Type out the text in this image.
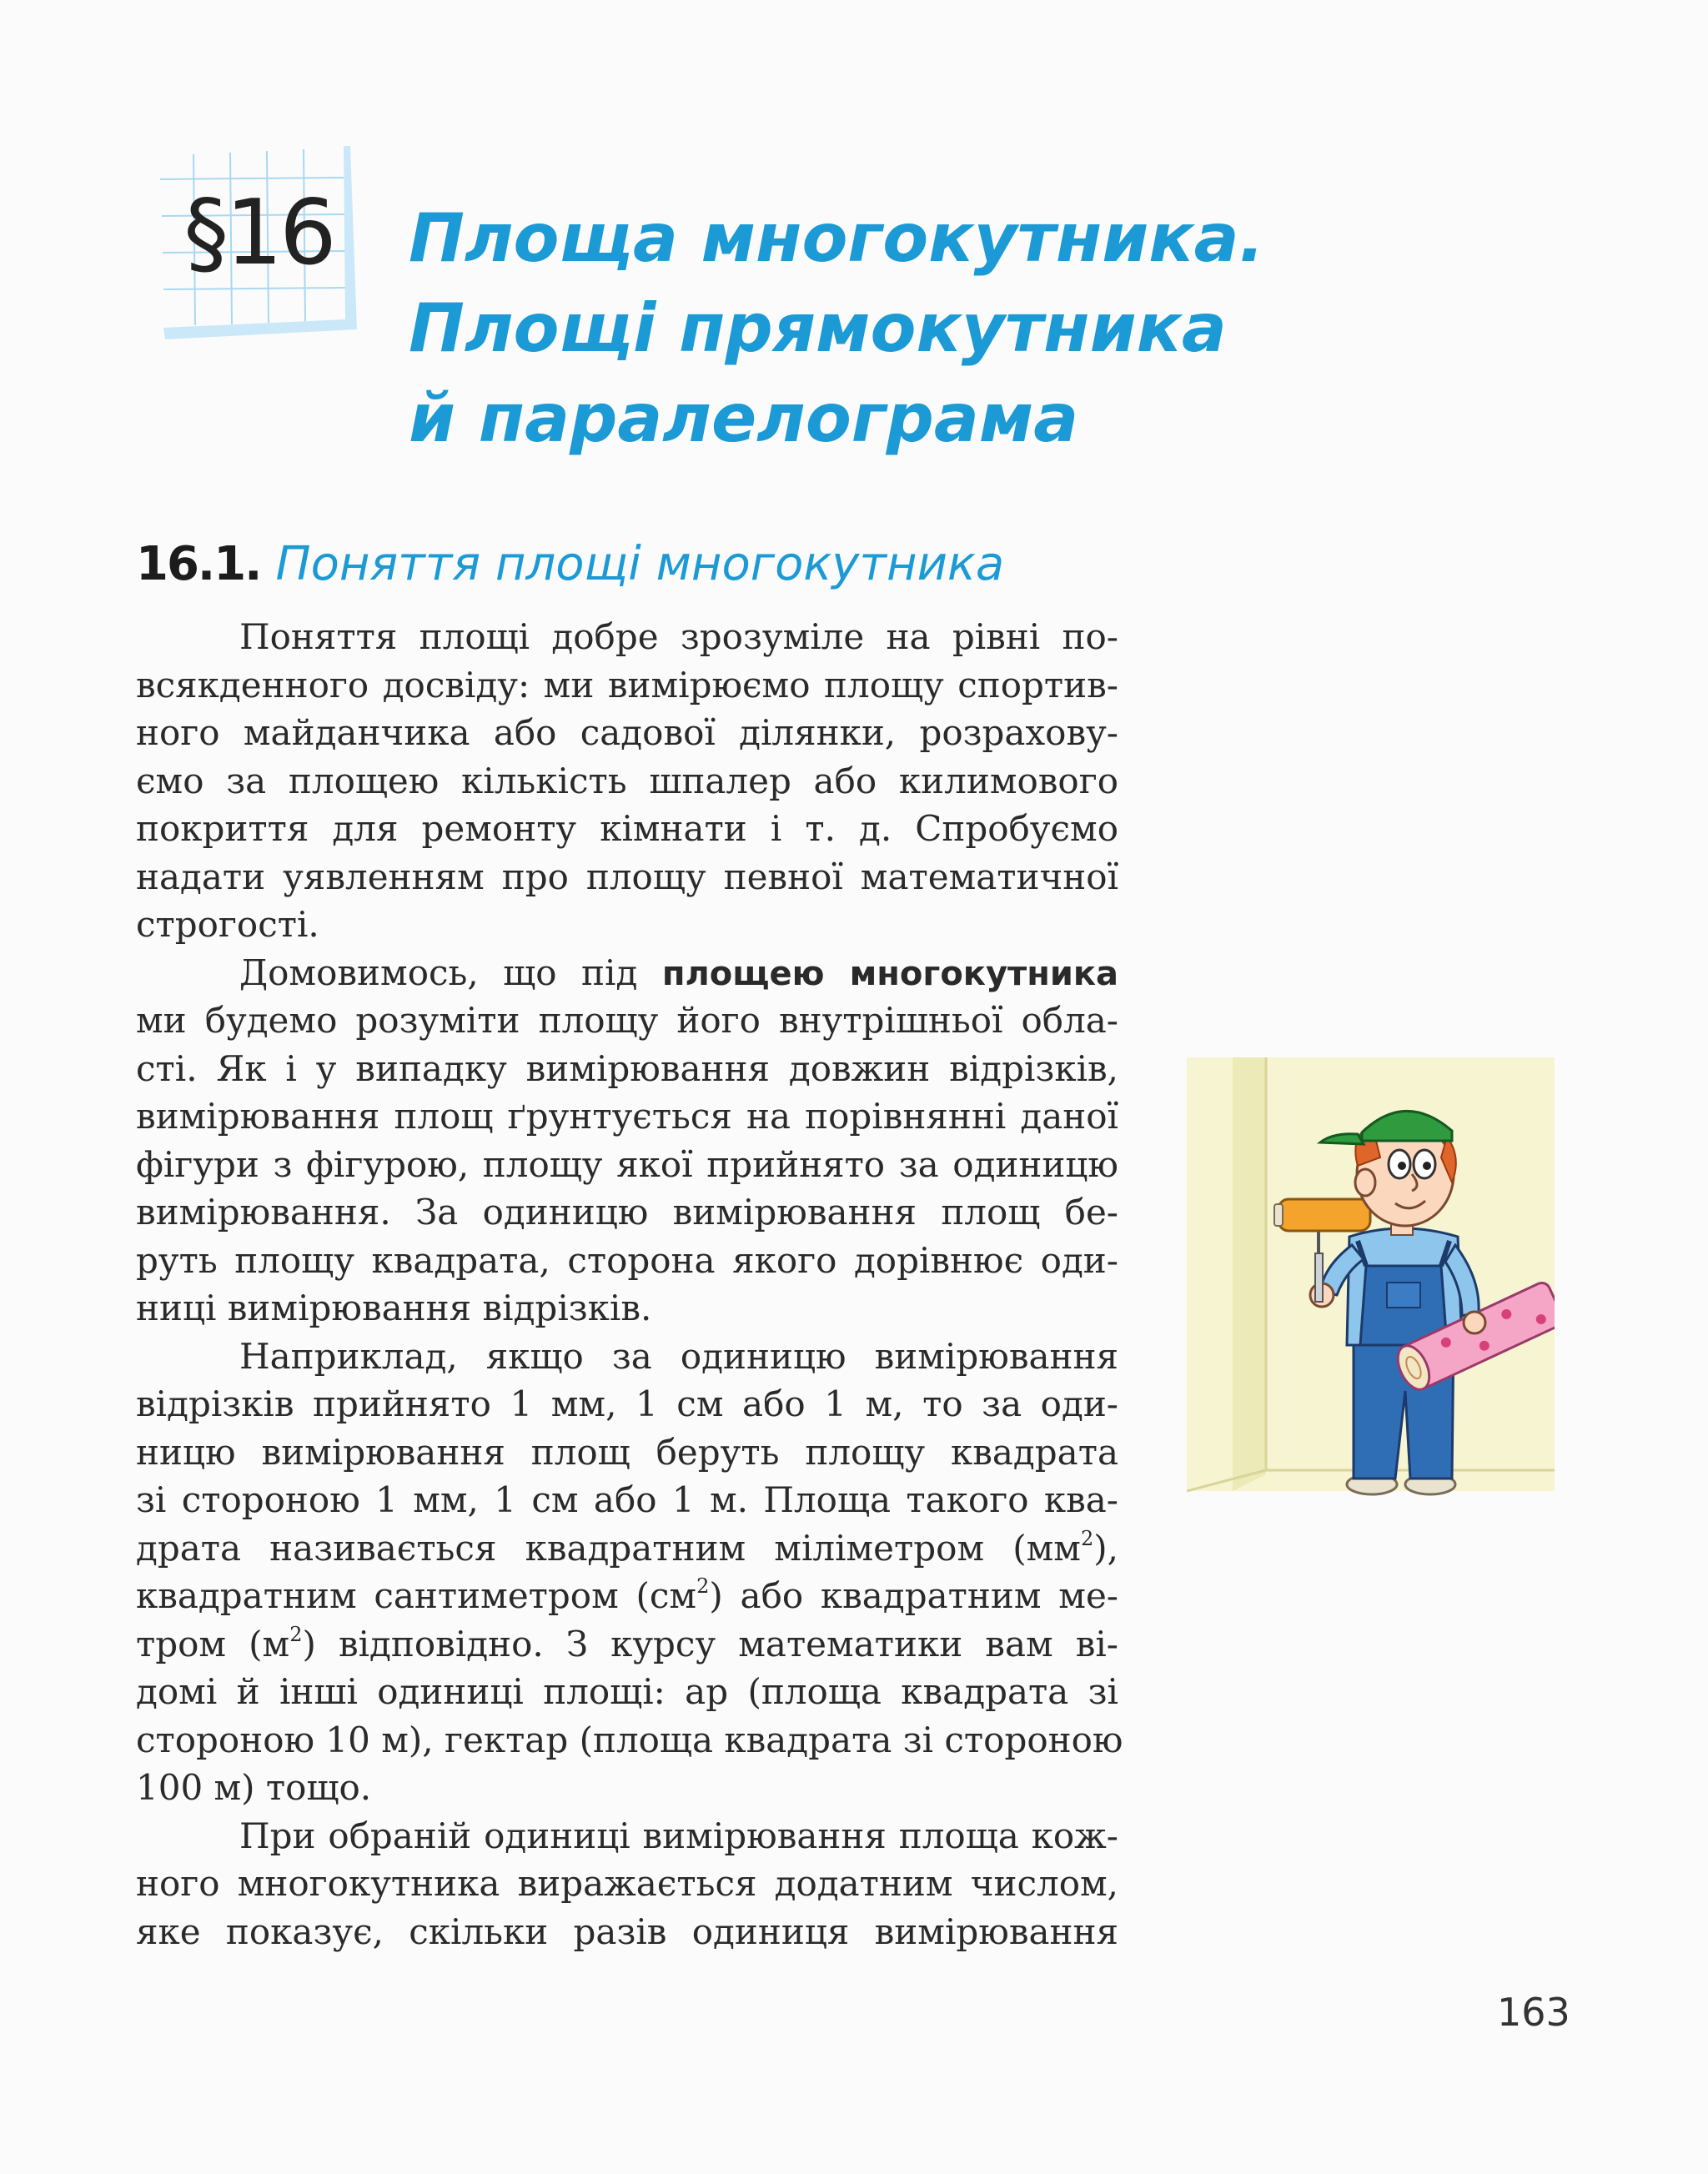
§16	Площа многокутника.
Площі прямокутника
й паралелограма
16.1. Поняття площі многокутника
Поняття площі добре зрозуміле на рівні по-
всякденного досвіду: ми вимірюємо площу спортив-
ного майданчика або садової ділянки, розрахову-
ємо за площею кількість шпалер або килимового
покриття для ремонту кімнати і т. д. Спробуємо
надати уявленням про площу певної математичної
строгості.
Домовимось, що під площею многокутника
ми будемо розуміти площу його внутрішньої обла-
сті. Як і у випадку вимірювання довжин відрізків,
вимірювання площ ґрунтується на порівнянні даної
фігури з фігурою, площу якої прийнято за одиницю
вимірювання. За одиницю вимірювання площ бе-
руть площу квадрата, сторона якого дорівнює оди-
ниці вимірювання відрізків.
Наприклад, якщо за одиницю вимірювання
відрізків прийнято 1 мм, 1 см або 1 м, то за оди-
ницю вимірювання площ беруть площу квадрата
зі стороною 1 мм, 1 см або 1 м. Площа такого ква-
драта називається квадратним міліметром $(мм^2)$,
квадратним сантиметром $(см^2)$ або квадратним ме-
тром $(м^2)$ відповідно. З курсу математики вам ві-
домі й інші одиниці площі: ар (площа квадрата зі
стороною 10 м), гектар (площа квадрата зі стороною
100 м) тощо.
При обраній одиниці вимірювання площа кож-
ного многокутника виражається додатним числом,
яке показує, скільки разів одиниця вимірювання
163
